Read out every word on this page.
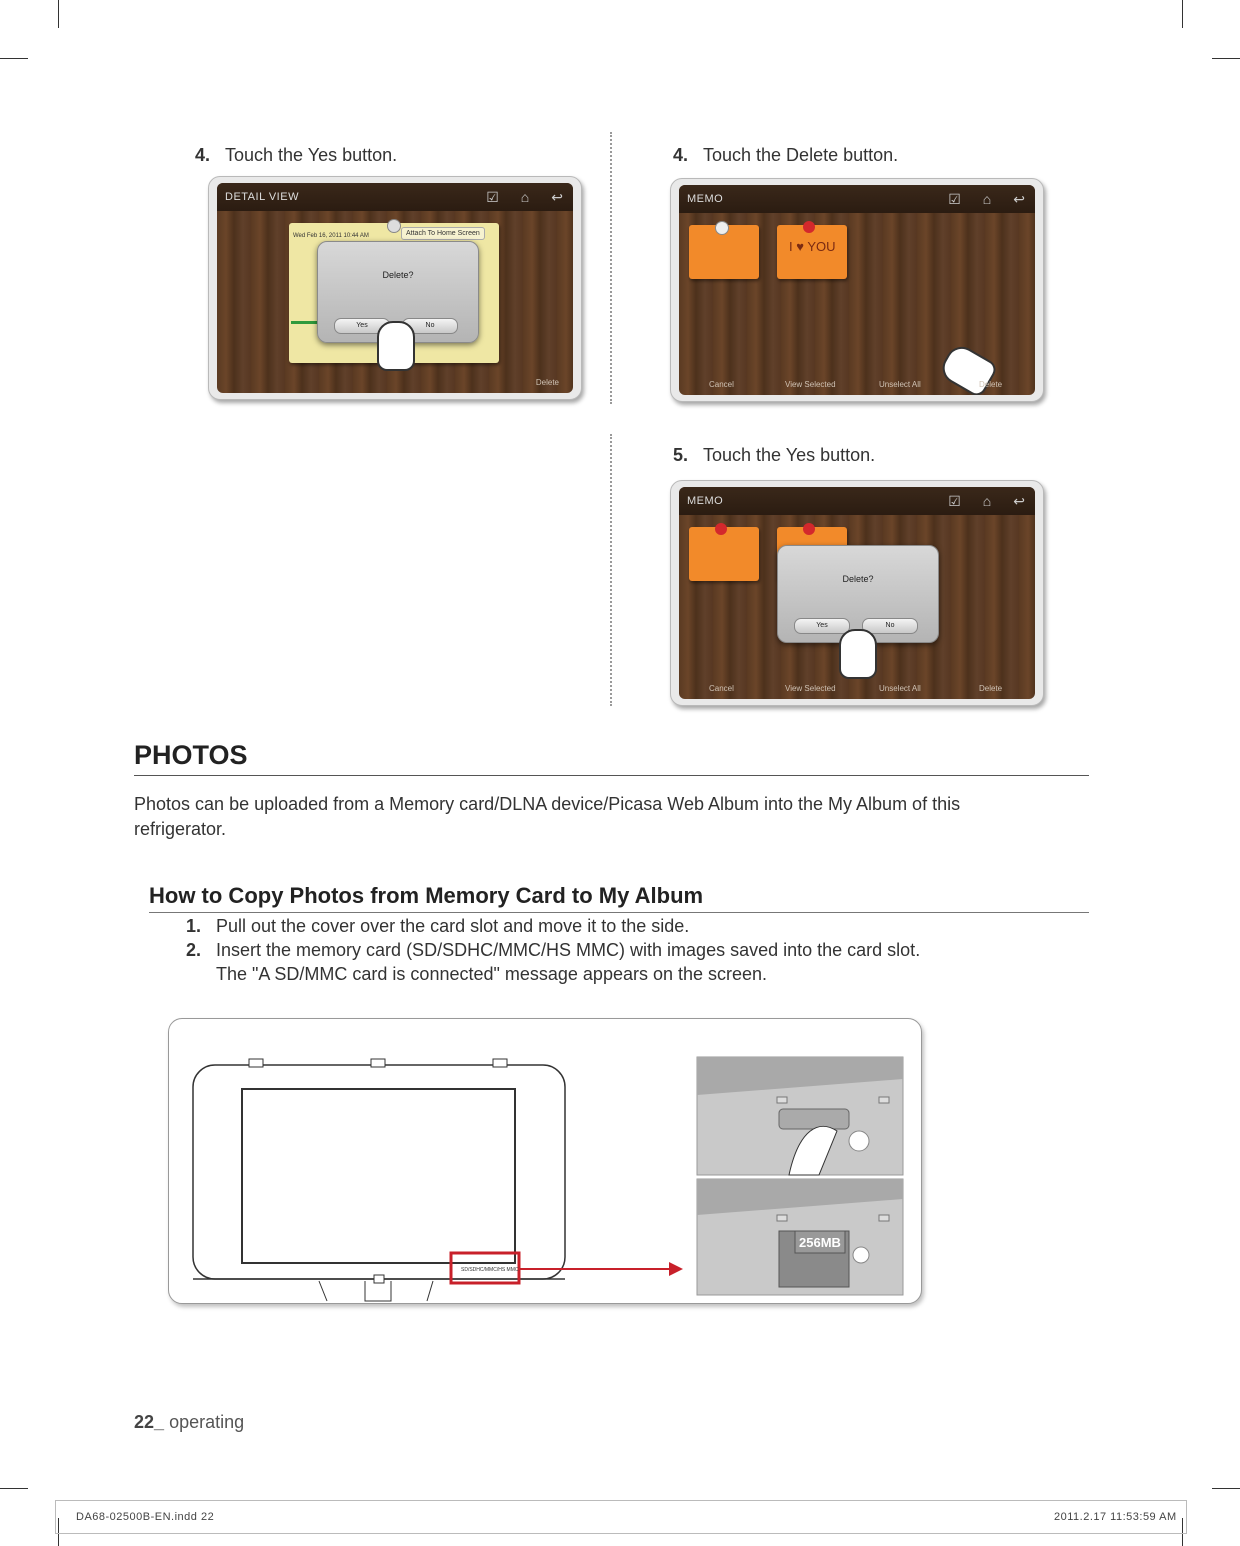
4. Touch the Yes button.	4. Touch the Delete button.
5. Touch the Yes button.
DETAIL VIEW	☑ ⌂ ↩
Wed Feb 16, 2011 10:44 AM	Attach To Home Screen
Delete?
Yes	No
Delete
MEMO	☑ ⌂ ↩
I ♥ YOU
Cancel	View Selected	Unselect All	Delete
MEMO	☑ ⌂ ↩
Delete?
Yes	No
Cancel	View Selected	Unselect All	Delete
PHOTOS
Photos can be uploaded from a Memory card/DLNA device/Picasa Web Album into the My Album of this
refrigerator.
How to Copy Photos from Memory Card to My Album
1. Pull out the cover over the card slot and move it to the side.
2. Insert the memory card (SD/SDHC/MMC/HS MMC) with images saved into the card slot.
The "A SD/MMC card is connected" message appears on the screen.
SD/SDHC/MMC/HS MMC
256MB
22_ operating
DA68-02500B-EN.indd 22	2011.2.17 11:53:59 AM
